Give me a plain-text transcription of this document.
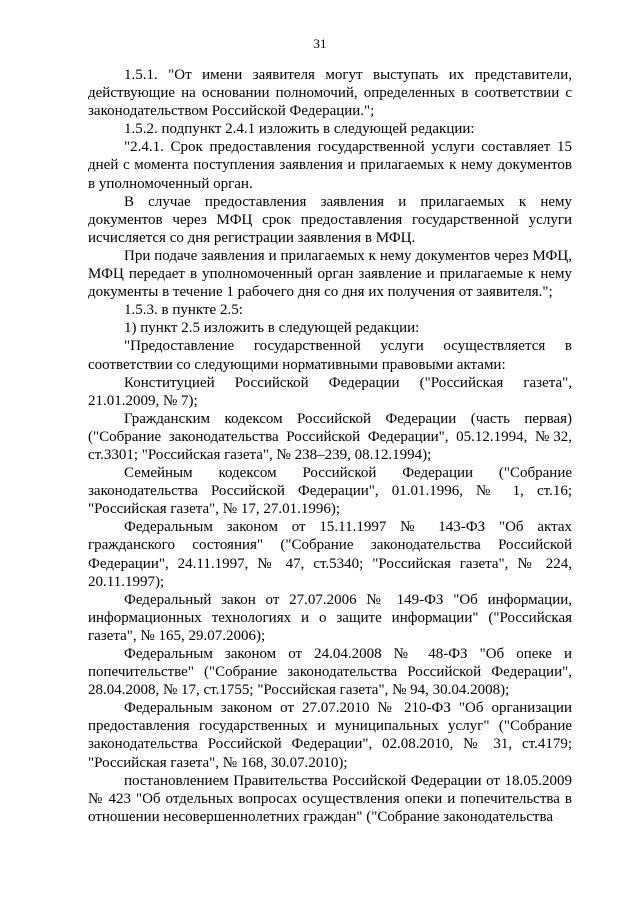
31

1.5.1. "От имени заявителя могут выступать их представители, действующие на основании полномочий, определенных в соответствии с законодательством Российской Федерации.";

1.5.2. подпункт 2.4.1 изложить в следующей редакции:

"2.4.1. Срок предоставления государственной услуги составляет 15 дней с момента поступления заявления и прилагаемых к нему документов в уполномоченный орган.

В случае предоставления заявления и прилагаемых к нему документов через МФЦ срок предоставления государственной услуги исчисляется со дня регистрации заявления в МФЦ.

При подаче заявления и прилагаемых к нему документов через МФЦ, МФЦ передает в уполномоченный орган заявление и прилагаемые к нему документы в течение 1 рабочего дня со дня их получения от заявителя.";

1.5.3. в пункте 2.5:

1) пункт 2.5 изложить в следующей редакции:

"Предоставление государственной услуги осуществляется в соответствии со следующими нормативными правовыми актами:

Конституцией Российской Федерации ("Российская газета", 21.01.2009, № 7);

Гражданским кодексом Российской Федерации (часть первая) ("Собрание законодательства Российской Федерации", 05.12.1994, №32, ст.3301; "Российская газета", № 238–239, 08.12.1994);

Семейным кодексом Российской Федерации ("Собрание законодательства Российской Федерации", 01.01.1996, № 1, ст.16; "Российская газета", № 17, 27.01.1996);

Федеральным законом от 15.11.1997 № 143-ФЗ "Об актах гражданского состояния" ("Собрание законодательства Российской Федерации", 24.11.1997, № 47, ст.5340; "Российская газета", № 224, 20.11.1997);

Федеральный закон от 27.07.2006 № 149-ФЗ "Об информации, информационных технологиях и о защите информации" ("Российская газета", № 165, 29.07.2006);

Федеральным законом от 24.04.2008 № 48-ФЗ "Об опеке и попечительстве" ("Собрание законодательства Российской Федерации", 28.04.2008, № 17, ст.1755; "Российская газета", № 94, 30.04.2008);

Федеральным законом от 27.07.2010 № 210-ФЗ "Об организации предоставления государственных и муниципальных услуг" ("Собрание законодательства Российской Федерации", 02.08.2010, № 31, ст.4179; "Российская газета", № 168, 30.07.2010);

постановлением Правительства Российской Федерации от 18.05.2009 № 423 "Об отдельных вопросах осуществления опеки и попечительства в отношении несовершеннолетних граждан" ("Собрание законодательства
